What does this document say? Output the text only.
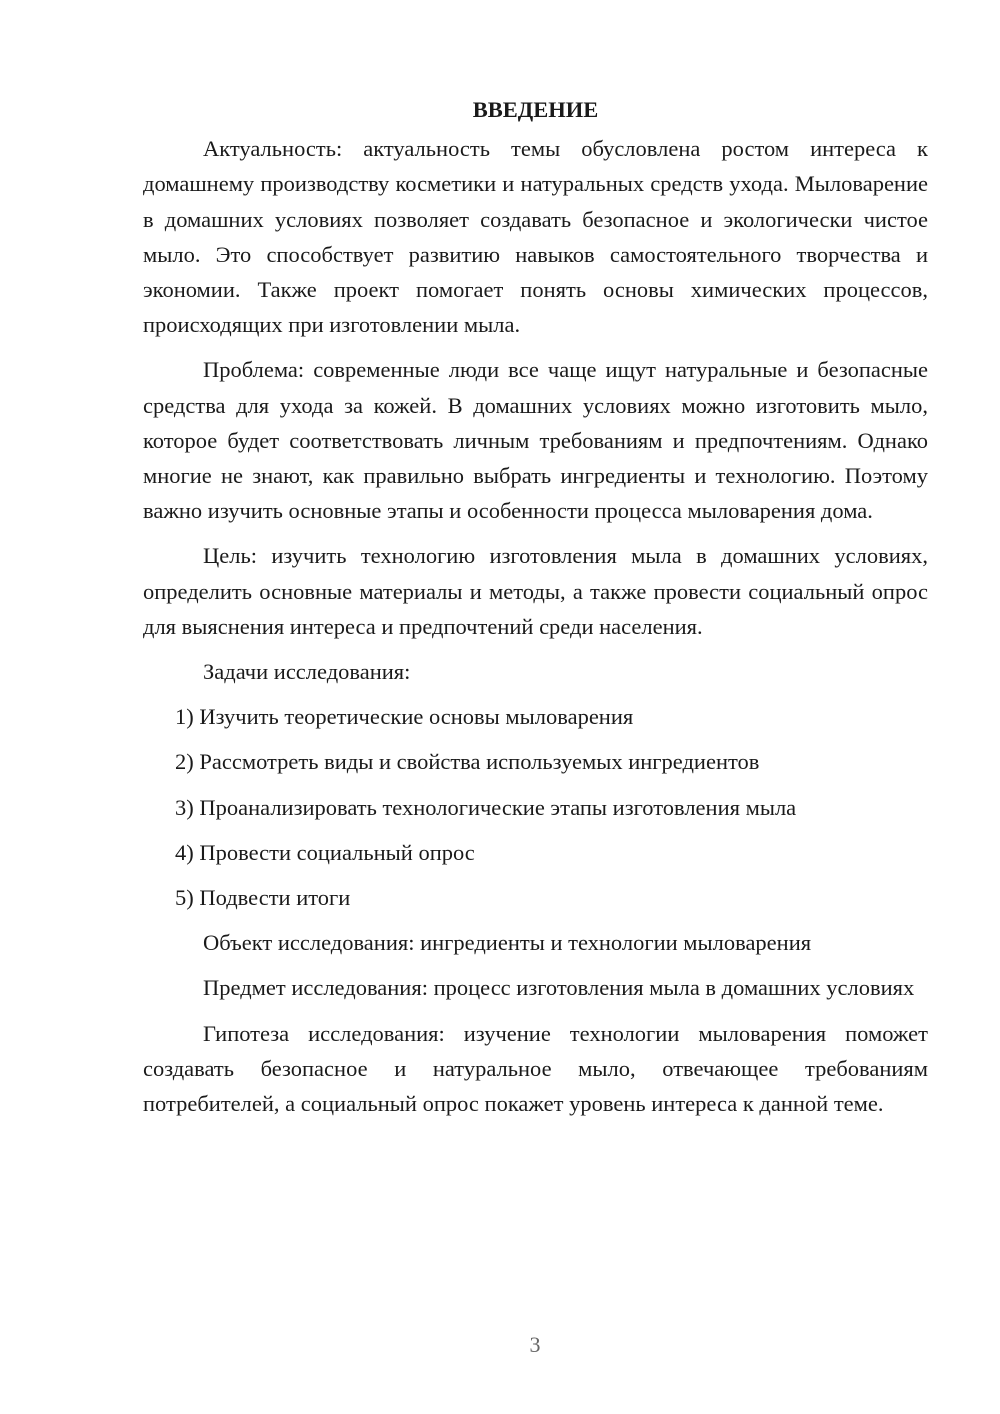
ВВЕДЕНИЕ

Актуальность: актуальность темы обусловлена ростом интереса к домашнему производству косметики и натуральных средств ухода. Мыловарение в домашних условиях позволяет создавать безопасное и экологически чистое мыло. Это способствует развитию навыков самостоятельного творчества и экономии. Также проект помогает понять основы химических процессов, происходящих при изготовлении мыла.

Проблема: современные люди все чаще ищут натуральные и безопасные средства для ухода за кожей. В домашних условиях можно изготовить мыло, которое будет соответствовать личным требованиям и предпочтениям. Однако многие не знают, как правильно выбрать ингредиенты и технологию. Поэтому важно изучить основные этапы и особенности процесса мыловарения дома.

Цель: изучить технологию изготовления мыла в домашних условиях, определить основные материалы и методы, а также провести социальный опрос для выяснения интереса и предпочтений среди населения.

Задачи исследования:

1) Изучить теоретические основы мыловарения

2) Рассмотреть виды и свойства используемых ингредиентов

3) Проанализировать технологические этапы изготовления мыла

4) Провести социальный опрос

5) Подвести итоги

Объект исследования: ингредиенты и технологии мыловарения

Предмет исследования: процесс изготовления мыла в домашних условиях

Гипотеза исследования: изучение технологии мыловарения поможет создавать безопасное и натуральное мыло, отвечающее требованиям потребителей, а социальный опрос покажет уровень интереса к данной теме.

3
